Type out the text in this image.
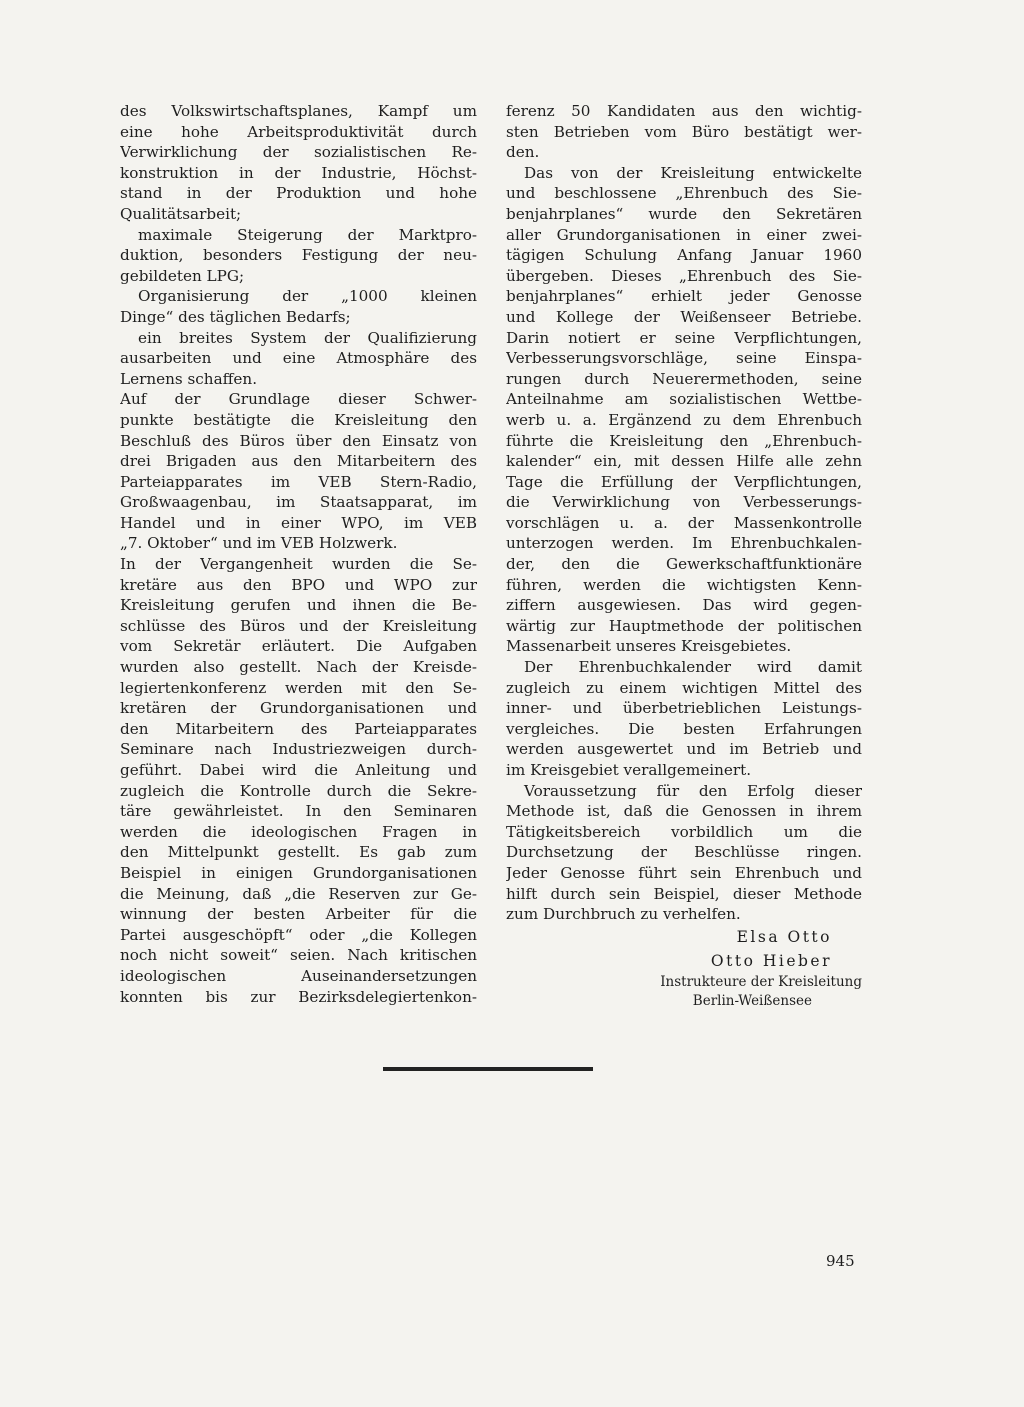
des Volkswirtschaftsplanes, Kampf um
eine hohe Arbeitsproduktivität durch
Verwirklichung der sozialistischen Re-
konstruktion in der Industrie, Höchst-
stand in der Produktion und hohe
Qualitätsarbeit;
maximale Steigerung der Marktpro-
duktion, besonders Festigung der neu-
gebildeten LPG;
Organisierung der „1000 kleinen
Dinge“ des täglichen Bedarfs;
ein breites System der Qualifizierung
ausarbeiten und eine Atmosphäre des
Lernens schaffen.
Auf der Grundlage dieser Schwer-
punkte bestätigte die Kreisleitung den
Beschluß des Büros über den Einsatz von
drei Brigaden aus den Mitarbeitern des
Parteiapparates im VEB Stern-Radio,
Großwaagenbau, im Staatsapparat, im
Handel und in einer WPO, im VEB
„7. Oktober“ und im VEB Holzwerk.
In der Vergangenheit wurden die Se-
kretäre aus den BPO und WPO zur
Kreisleitung gerufen und ihnen die Be-
schlüsse des Büros und der Kreisleitung
vom Sekretär erläutert. Die Aufgaben
wurden also gestellt. Nach der Kreisde-
legiertenkonferenz werden mit den Se-
kretären der Grundorganisationen und
den Mitarbeitern des Parteiapparates
Seminare nach Industriezweigen durch-
geführt. Dabei wird die Anleitung und
zugleich die Kontrolle durch die Sekre-
täre gewährleistet. In den Seminaren
werden die ideologischen Fragen in
den Mittelpunkt gestellt. Es gab zum
Beispiel in einigen Grundorganisationen
die Meinung, daß „die Reserven zur Ge-
winnung der besten Arbeiter für die
Partei ausgeschöpft“ oder „die Kollegen
noch nicht soweit“ seien. Nach kritischen
ideologischen Auseinandersetzungen
konnten bis zur Bezirksdelegiertenkon-
ferenz 50 Kandidaten aus den wichtig-
sten Betrieben vom Büro bestätigt wer-
den.
Das von der Kreisleitung entwickelte
und beschlossene „Ehrenbuch des Sie-
benjahrplanes“ wurde den Sekretären
aller Grundorganisationen in einer zwei-
tägigen Schulung Anfang Januar 1960
übergeben. Dieses „Ehrenbuch des Sie-
benjahrplanes“ erhielt jeder Genosse
und Kollege der Weißenseer Betriebe.
Darin notiert er seine Verpflichtungen,
Verbesserungsvorschläge, seine Einspa-
rungen durch Neuerermethoden, seine
Anteilnahme am sozialistischen Wettbe-
werb u. a. Ergänzend zu dem Ehrenbuch
führte die Kreisleitung den „Ehrenbuch-
kalender“ ein, mit dessen Hilfe alle zehn
Tage die Erfüllung der Verpflichtungen,
die Verwirklichung von Verbesserungs-
vorschlägen u. a. der Massenkontrolle
unterzogen werden. Im Ehrenbuchkalen-
der, den die Gewerkschaftfunktionäre
führen, werden die wichtigsten Kenn-
ziffern ausgewiesen. Das wird gegen-
wärtig zur Hauptmethode der politischen
Massenarbeit unseres Kreisgebietes.
Der Ehrenbuchkalender wird damit
zugleich zu einem wichtigen Mittel des
inner- und überbetrieblichen Leistungs-
vergleiches. Die besten Erfahrungen
werden ausgewertet und im Betrieb und
im Kreisgebiet verallgemeinert.
Voraussetzung für den Erfolg dieser
Methode ist, daß die Genossen in ihrem
Tätigkeitsbereich vorbildlich um die
Durchsetzung der Beschlüsse ringen.
Jeder Genosse führt sein Ehrenbuch und
hilft durch sein Beispiel, dieser Methode
zum Durchbruch zu verhelfen.
Elsa Otto
Otto Hieber
Instrukteure der Kreisleitung
Berlin-Weißensee
945
